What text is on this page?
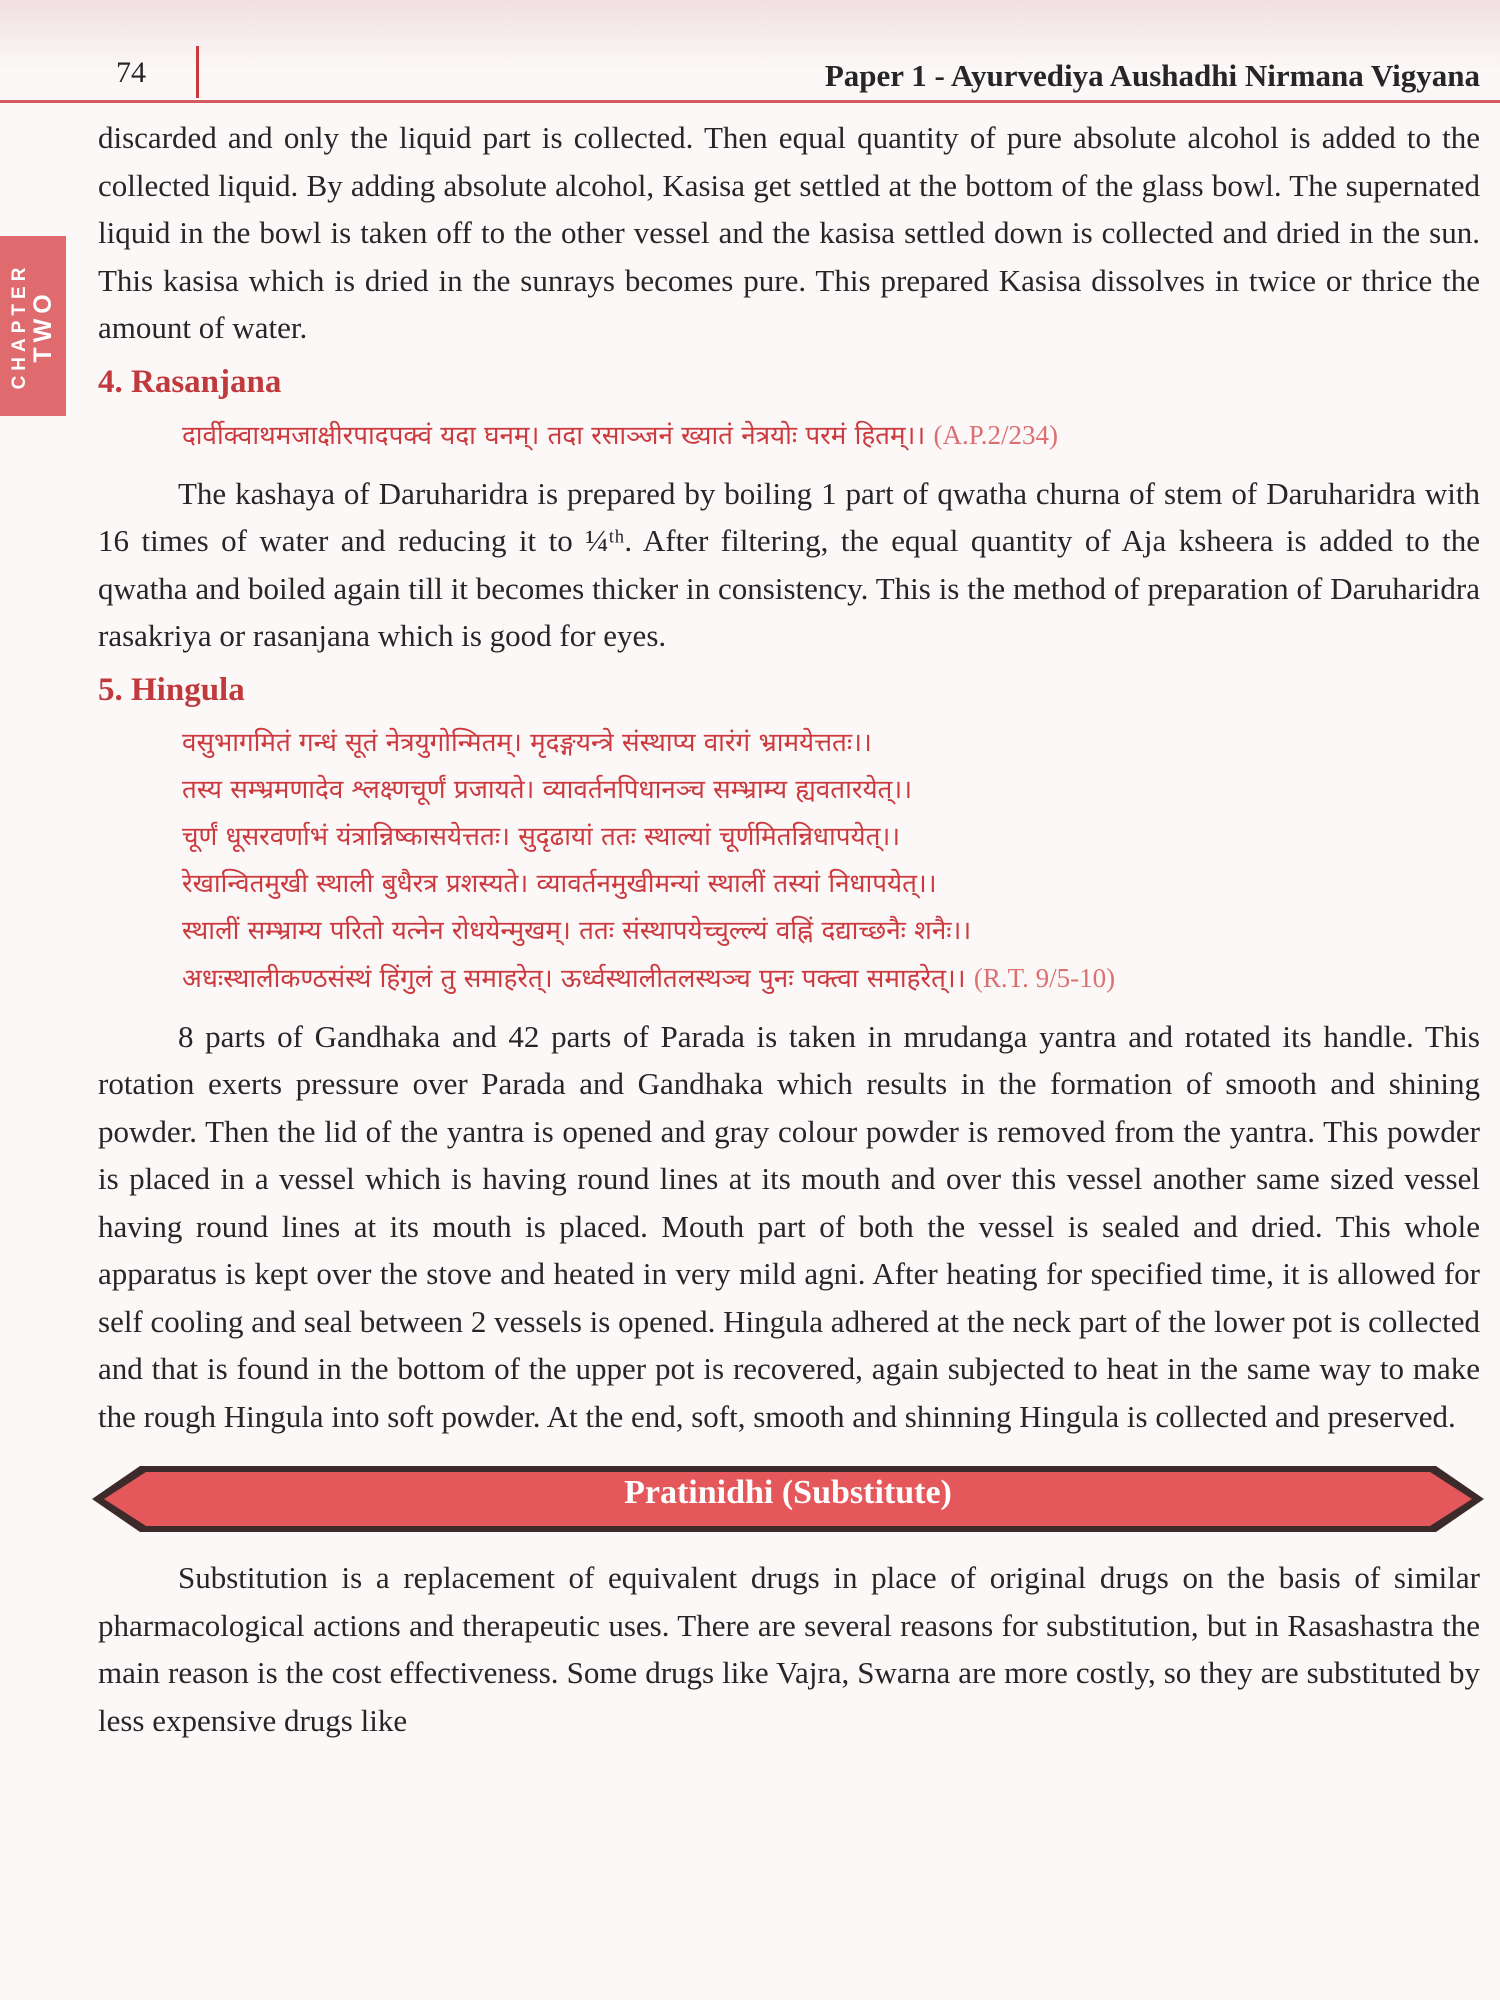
74	Paper 1 - Ayurvediya Aushadhi Nirmana Vigyana
CHAPTER
TWO

discarded and only the liquid part is collected. Then equal quantity of pure absolute alcohol is added to the collected liquid. By adding absolute alcohol, Kasisa get settled at the bottom of the glass bowl. The supernated liquid in the bowl is taken off to the other vessel and the kasisa settled down is collected and dried in the sun. This kasisa which is dried in the sunrays becomes pure. This prepared Kasisa dissolves in twice or thrice the amount of water.

4. Rasanjana
दार्वीक्वाथमजाक्षीरपादपक्वं यदा घनम्। तदा रसाञ्जनं ख्यातं नेत्रयोः परमं हितम्।। (A.P.2/234)

The kashaya of Daruharidra is prepared by boiling 1 part of qwatha churna of stem of Daruharidra with 16 times of water and reducing it to ¼ᵗʰ. After filtering, the equal quantity of Aja ksheera is added to the qwatha and boiled again till it becomes thicker in consistency. This is the method of preparation of Daruharidra rasakriya or rasanjana which is good for eyes.

5. Hingula
वसुभागमितं गन्धं सूतं नेत्रयुगोन्मितम्। मृदङ्गयन्त्रे संस्थाप्य वारंगं भ्रामयेत्ततः।।
तस्य सम्भ्रमणादेव श्लक्ष्णचूर्णं प्रजायते। व्यावर्तनपिधानञ्च सम्भ्राम्य ह्यवतारयेत्।।
चूर्णं धूसरवर्णाभं यंत्रान्निष्कासयेत्ततः। सुदृढायां ततः स्थाल्यां चूर्णमितन्निधापयेत्।।
रेखान्वितमुखी स्थाली बुधैरत्र प्रशस्यते। व्यावर्तनमुखीमन्यां स्थालीं तस्यां निधापयेत्।।
स्थालीं सम्भ्राम्य परितो यत्नेन रोधयेन्मुखम्। ततः संस्थापयेच्चुल्ल्यं वह्निं दद्याच्छनैः शनैः।।
अधःस्थालीकण्ठसंस्थं हिंगुलं तु समाहरेत्। ऊर्ध्वस्थालीतलस्थञ्च पुनः पक्त्वा समाहरेत्।। (R.T. 9/5-10)

8 parts of Gandhaka and 42 parts of Parada is taken in mrudanga yantra and rotated its handle. This rotation exerts pressure over Parada and Gandhaka which results in the formation of smooth and shining powder. Then the lid of the yantra is opened and gray colour powder is removed from the yantra. This powder is placed in a vessel which is having round lines at its mouth and over this vessel another same sized vessel having round lines at its mouth is placed. Mouth part of both the vessel is sealed and dried. This whole apparatus is kept over the stove and heated in very mild agni. After heating for specified time, it is allowed for self cooling and seal between 2 vessels is opened. Hingula adhered at the neck part of the lower pot is collected and that is found in the bottom of the upper pot is recovered, again subjected to heat in the same way to make the rough Hingula into soft powder. At the end, soft, smooth and shinning Hingula is collected and preserved.

Pratinidhi (Substitute)

Substitution is a replacement of equivalent drugs in place of original drugs on the basis of similar pharmacological actions and therapeutic uses. There are several reasons for substitution, but in Rasashastra the main reason is the cost effectiveness. Some drugs like Vajra, Swarna are more costly, so they are substituted by less expensive drugs like
